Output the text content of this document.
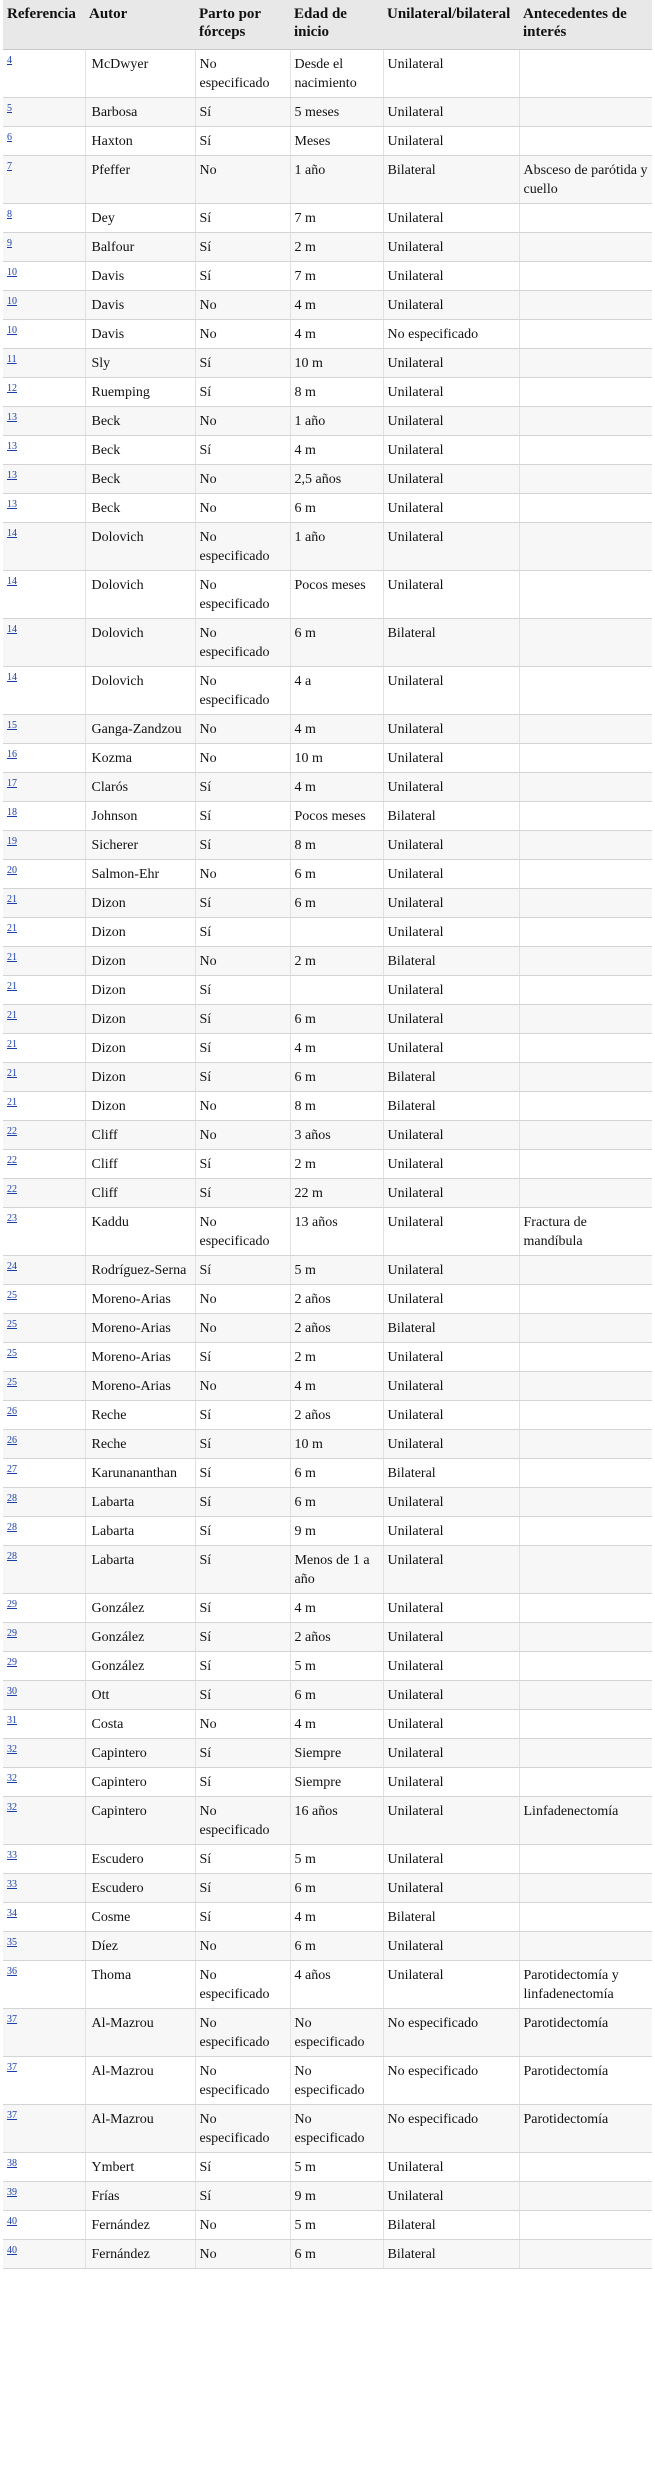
Referencia	Autor	Parto por fórceps	Edad de inicio	Unilateral/bilateral	Antecedentes de interés
$^4$	McDwyer	No especificado	Desde el nacimiento	Unilateral	
$^5$	Barbosa	Sí	5 meses	Unilateral	
$^6$	Haxton	Sí	Meses	Unilateral	
$^7$	Pfeffer	No	1 año	Bilateral	Absceso de parótida y cuello
$^8$	Dey	Sí	7 m	Unilateral	
$^9$	Balfour	Sí	2 m	Unilateral	
$^{10}$	Davis	Sí	7 m	Unilateral	
$^{10}$	Davis	No	4 m	Unilateral	
$^{10}$	Davis	No	4 m	No especificado	
$^{11}$	Sly	Sí	10 m	Unilateral	
$^{12}$	Ruemping	Sí	8 m	Unilateral	
$^{13}$	Beck	No	1 año	Unilateral	
$^{13}$	Beck	Sí	4 m	Unilateral	
$^{13}$	Beck	No	2,5 años	Unilateral	
$^{13}$	Beck	No	6 m	Unilateral	
$^{14}$	Dolovich	No especificado	1 año	Unilateral	
$^{14}$	Dolovich	No especificado	Pocos meses	Unilateral	
$^{14}$	Dolovich	No especificado	6 m	Bilateral	
$^{14}$	Dolovich	No especificado	4 a	Unilateral	
$^{15}$	Ganga-Zandzou	No	4 m	Unilateral	
$^{16}$	Kozma	No	10 m	Unilateral	
$^{17}$	Clarós	Sí	4 m	Unilateral	
$^{18}$	Johnson	Sí	Pocos meses	Bilateral	
$^{19}$	Sicherer	Sí	8 m	Unilateral	
$^{20}$	Salmon-Ehr	No	6 m	Unilateral	
$^{21}$	Dizon	Sí	6 m	Unilateral	
$^{21}$	Dizon	Sí		Unilateral	
$^{21}$	Dizon	No	2 m	Bilateral	
$^{21}$	Dizon	Sí		Unilateral	
$^{21}$	Dizon	Sí	6 m	Unilateral	
$^{21}$	Dizon	Sí	4 m	Unilateral	
$^{21}$	Dizon	Sí	6 m	Bilateral	
$^{21}$	Dizon	No	8 m	Bilateral	
$^{22}$	Cliff	No	3 años	Unilateral	
$^{22}$	Cliff	Sí	2 m	Unilateral	
$^{22}$	Cliff	Sí	22 m	Unilateral	
$^{23}$	Kaddu	No especificado	13 años	Unilateral	Fractura de mandíbula
$^{24}$	Rodríguez-Serna	Sí	5 m	Unilateral	
$^{25}$	Moreno-Arias	No	2 años	Unilateral	
$^{25}$	Moreno-Arias	No	2 años	Bilateral	
$^{25}$	Moreno-Arias	Sí	2 m	Unilateral	
$^{25}$	Moreno-Arias	No	4 m	Unilateral	
$^{26}$	Reche	Sí	2 años	Unilateral	
$^{26}$	Reche	Sí	10 m	Unilateral	
$^{27}$	Karunananthan	Sí	6 m	Bilateral	
$^{28}$	Labarta	Sí	6 m	Unilateral	
$^{28}$	Labarta	Sí	9 m	Unilateral	
$^{28}$	Labarta	Sí	Menos de 1 a año	Unilateral	
$^{29}$	González	Sí	4 m	Unilateral	
$^{29}$	González	Sí	2 años	Unilateral	
$^{29}$	González	Sí	5 m	Unilateral	
$^{30}$	Ott	Sí	6 m	Unilateral	
$^{31}$	Costa	No	4 m	Unilateral	
$^{32}$	Capintero	Sí	Siempre	Unilateral	
$^{32}$	Capintero	Sí	Siempre	Unilateral	
$^{32}$	Capintero	No especificado	16 años	Unilateral	Linfadenectomía
$^{33}$	Escudero	Sí	5 m	Unilateral	
$^{33}$	Escudero	Sí	6 m	Unilateral	
$^{34}$	Cosme	Sí	4 m	Bilateral	
$^{35}$	Díez	No	6 m	Unilateral	
$^{36}$	Thoma	No especificado	4 años	Unilateral	Parotidectomía y linfadenectomía
$^{37}$	Al-Mazrou	No especificado	No especificado	No especificado	Parotidectomía
$^{37}$	Al-Mazrou	No especificado	No especificado	No especificado	Parotidectomía
$^{37}$	Al-Mazrou	No especificado	No especificado	No especificado	Parotidectomía
$^{38}$	Ymbert	Sí	5 m	Unilateral	
$^{39}$	Frías	Sí	9 m	Unilateral	
$^{40}$	Fernández	No	5 m	Bilateral	
$^{40}$	Fernández	No	6 m	Bilateral	
